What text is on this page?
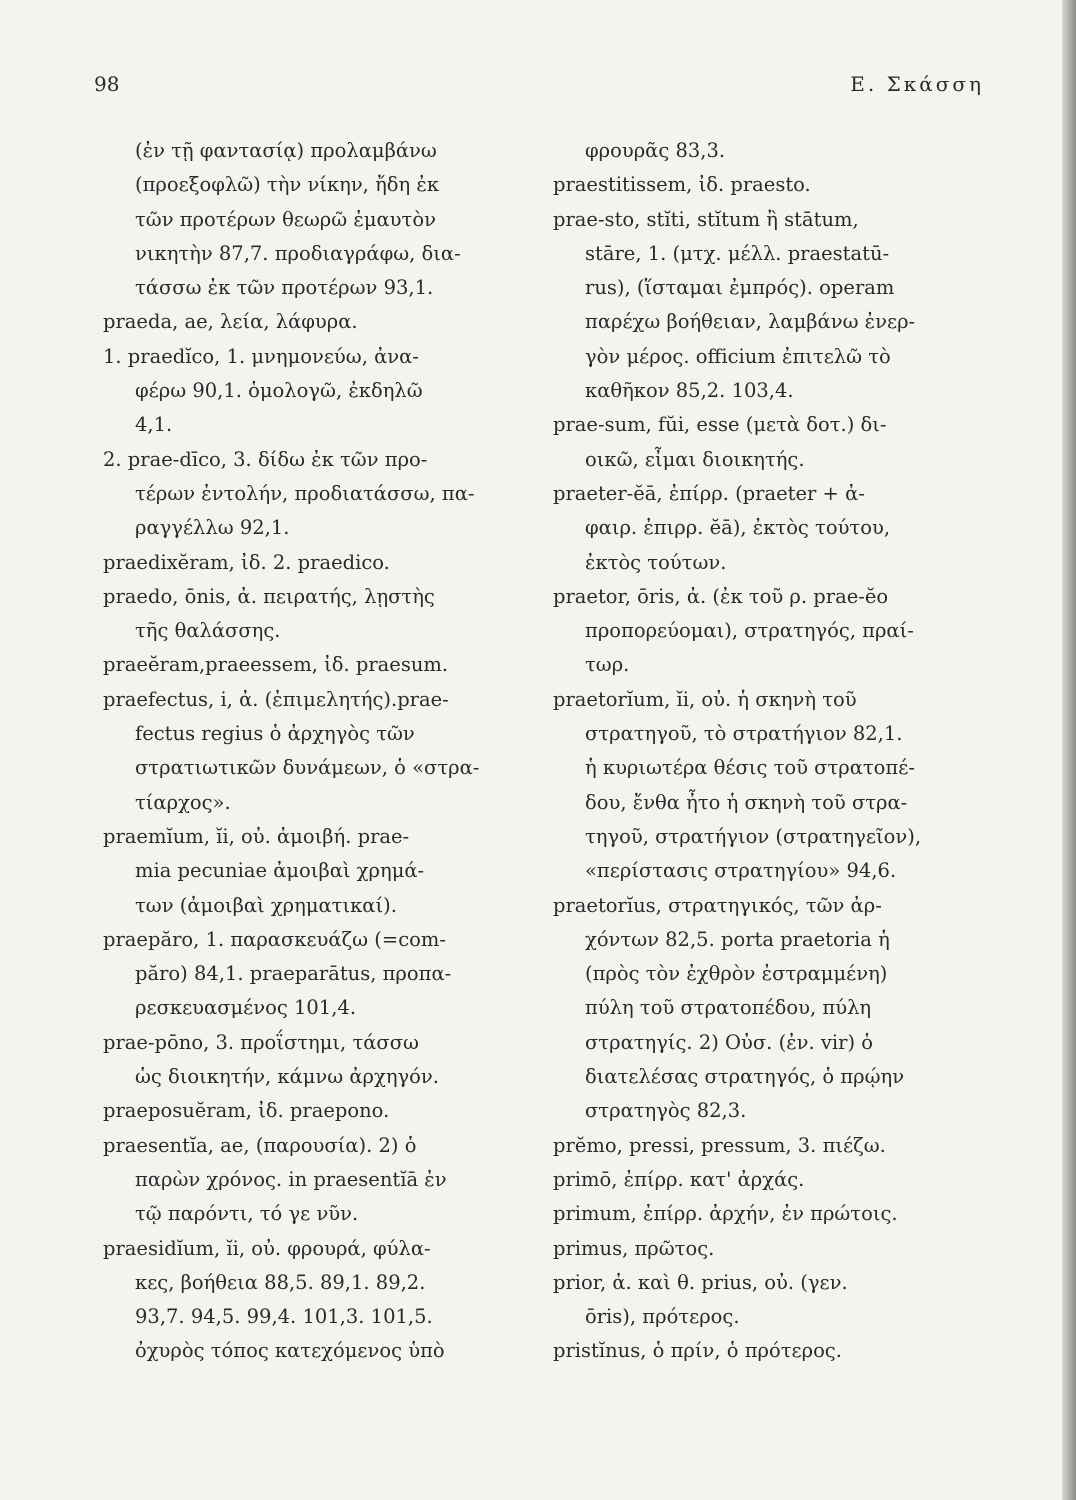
98	Ε. Σκάσση
(ἐν τῇ φαντασίᾳ) προλαμβάνω
(προεξοφλῶ) τὴν νίκην, ἤδη ἐκ
τῶν προτέρων θεωρῶ ἐμαυτὸν
νικητὴν 87,7. προδιαγράφω, δια-
τάσσω ἐκ τῶν προτέρων 93,1.
praeda, ae, λεία, λάφυρα.
1. praedĭco, 1. μνημονεύω, ἀνα-
φέρω 90,1. ὁμολογῶ, ἐκδηλῶ
4,1.
2. prae-dīco, 3. δίδω ἐκ τῶν προ-
τέρων ἐντολήν, προδιατάσσω, πα-
ραγγέλλω 92,1.
praedixĕram, ἰδ. 2. praedico.
praedo, ōnis, ἀ. πειρατής, λῃστὴς
τῆς θαλάσσης.
praeĕram,praeessem, ἰδ. praesum.
praefectus, i, ἀ. (ἐπιμελητής).prae-
fectus regius ὁ ἀρχηγὸς τῶν
στρατιωτικῶν δυνάμεων, ὁ «στρα-
τίαρχος».
praemĭum, ĭi, οὐ. ἀμοιβή. prae-
mia pecuniae ἀμοιβαὶ χρημά-
των (ἀμοιβαὶ χρηματικαί).
praepăro, 1. παρασκευάζω (=com-
păro) 84,1. praeparātus, προπα-
ρεσκευασμένος 101,4.
prae-pōno, 3. προΐστημι, τάσσω
ὡς διοικητήν, κάμνω ἀρχηγόν.
praeposuĕram, ἰδ. praepono.
praesentĭa, ae, (παρουσία). 2) ὁ
παρὼν χρόνος. in praesentĭā ἐν
τῷ παρόντι, τό γε νῦν.
praesidĭum, ĭi, οὐ. φρουρά, φύλα-
κες, βοήθεια 88,5. 89,1. 89,2.
93,7. 94,5. 99,4. 101,3. 101,5.
ὀχυρὸς τόπος κατεχόμενος ὑπὸ
φρουρᾶς 83,3.
praestitissem, ἰδ. praesto.
prae-sto, stĭti, stĭtum ἢ stātum,
stāre, 1. (μτχ. μέλλ. praestatū-
rus), (ἵσταμαι ἐμπρός). operam
παρέχω βοήθειαν, λαμβάνω ἐνερ-
γὸν μέρος. officium ἐπιτελῶ τὸ
καθῆκον 85,2. 103,4.
prae-sum, fŭi, esse (μετὰ δοτ.) δι-
οικῶ, εἶμαι διοικητής.
praeter-ĕā, ἐπίρρ. (praeter + ἀ-
φαιρ. ἐπιρρ. ĕā), ἐκτὸς τούτου,
ἐκτὸς τούτων.
praetor, ōris, ἀ. (ἐκ τοῦ ρ. prae-ĕo
προπορεύομαι), στρατηγός, πραί-
τωρ.
praetorĭum, ĭi, οὐ. ἡ σκηνὴ τοῦ
στρατηγοῦ, τὸ στρατήγιον 82,1.
ἡ κυριωτέρα θέσις τοῦ στρατοπέ-
δου, ἔνθα ἦτο ἡ σκηνὴ τοῦ στρα-
τηγοῦ, στρατήγιον (στρατηγεῖον),
«περίστασις στρατηγίου» 94,6.
praetorĭus, στρατηγικός, τῶν ἀρ-
χόντων 82,5. porta praetoria ἡ
(πρὸς τὸν ἐχθρὸν ἐστραμμένη)
πύλη τοῦ στρατοπέδου, πύλη
στρατηγίς. 2) Οὐσ. (ἐν. vir) ὁ
διατελέσας στρατηγός, ὁ πρῴην
στρατηγὸς 82,3.
prĕmo, pressi, pressum, 3. πιέζω.
primō, ἐπίρρ. κατ' ἀρχάς.
primum, ἐπίρρ. ἀρχήν, ἐν πρώτοις.
primus, πρῶτος.
prior, ἀ. καὶ θ. prius, οὐ. (γεν.
ōris), πρότερος.
pristĭnus, ὁ πρίν, ὁ πρότερος.
